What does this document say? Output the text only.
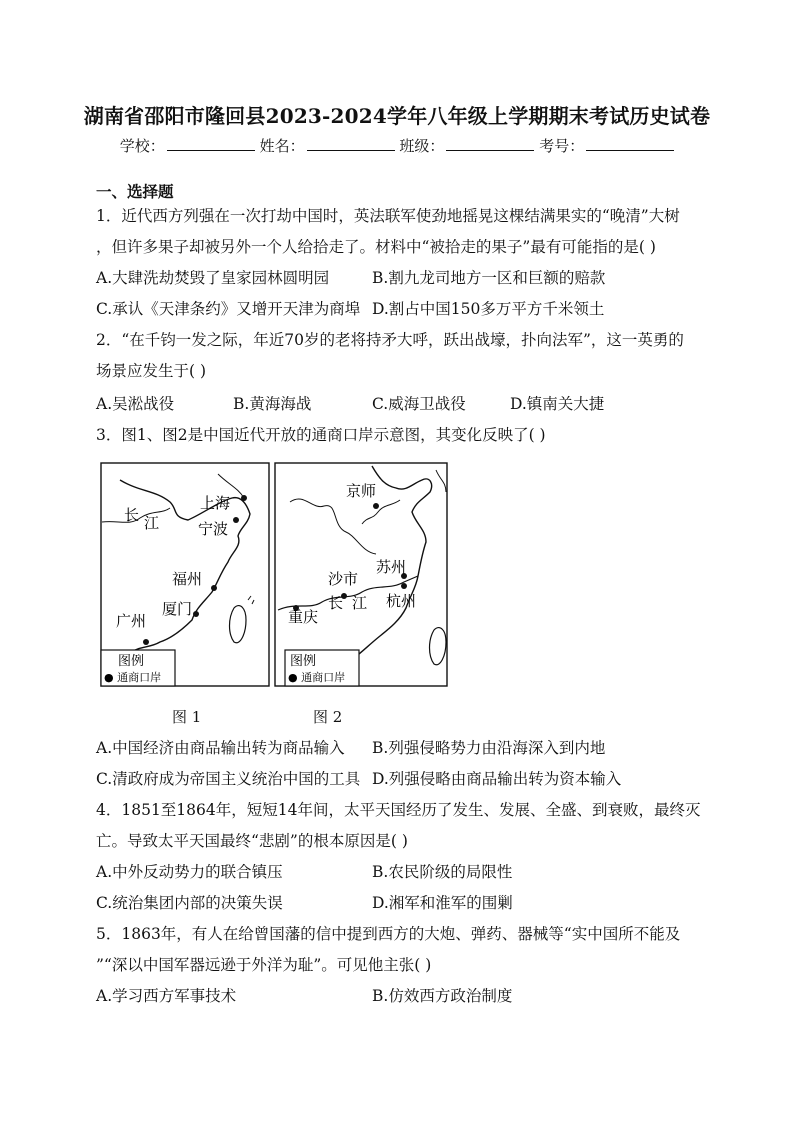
湖南省邵阳市隆回县2023-2024学年八年级上学期期末考试历史试卷
学校：	姓名：	班级：	考号：
一、选择题
1．近代西方列强在一次打劫中国时，英法联军使劲地摇晃这棵结满果实的“晚清”大树
，但许多果子却被另外一个人给拾走了。材料中“被拾走的果子”最有可能指的是( )
A.大肆洗劫焚毁了皇家园林圆明园	B.割九龙司地方一区和巨额的赔款
C.承认《天津条约》又增开天津为商埠 D.割占中国150多万平方千米领土
2．“在千钧一发之际，年近70岁的老将持矛大呼，跃出战壕，扑向法军”，这一英勇的
场景应发生于( )
A.吴淞战役	B.黄海海战	C.威海卫战役	D.镇南关大捷
3．图1、图2是中国近代开放的通商口岸示意图，其变化反映了( )
上海
长 江	宁波
福州
厦门
广州
图例
● 通商口岸
京师
苏州
沙市
重庆
长 江 杭州
图例
● 通商口岸
图 1	图 2
A.中国经济由商品输出转为商品输入 B.列强侵略势力由沿海深入到内地
C.清政府成为帝国主义统治中国的工具 D.列强侵略由商品输出转为资本输入
4．1851至1864年，短短14年间，太平天国经历了发生、发展、全盛、到衰败，最终灭
亡。导致太平天国最终“悲剧”的根本原因是( )
A.中外反动势力的联合镇压	B.农民阶级的局限性
C.统治集团内部的决策失误	D.湘军和淮军的围剿
5．1863年，有人在给曾国藩的信中提到西方的大炮、弹药、器械等“实中国所不能及
”“深以中国军器远逊于外洋为耻”。可见他主张( )
A.学习西方军事技术	B.仿效西方政治制度
